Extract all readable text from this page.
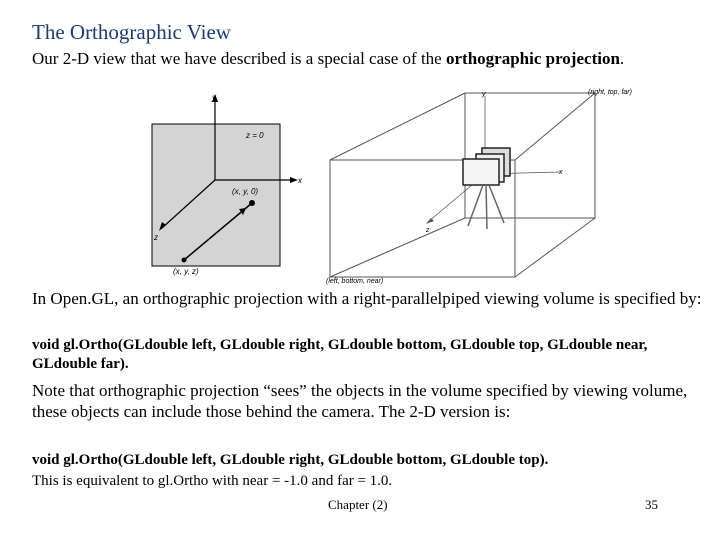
The Orthographic View
Our 2-D view that we have described is a special case of the orthographic projection.
y
x
z
z = 0
(x, y, 0)
(x, y, z)
y
x
z
(right, top, far)
(left, bottom, near)
In Open.GL, an orthographic projection with a right-parallelpiped viewing volume is specified by:
void gl.Ortho(GLdouble left, GLdouble right, GLdouble bottom, GLdouble top, GLdouble near, GLdouble far).
Note that orthographic projection “sees” the objects in the volume specified by viewing volume, these objects can include those behind the camera. The 2-D version is:
void gl.Ortho(GLdouble left, GLdouble right, GLdouble bottom, GLdouble top).
This is equivalent to gl.Ortho with near = -1.0 and far = 1.0.
Chapter (2)	35
